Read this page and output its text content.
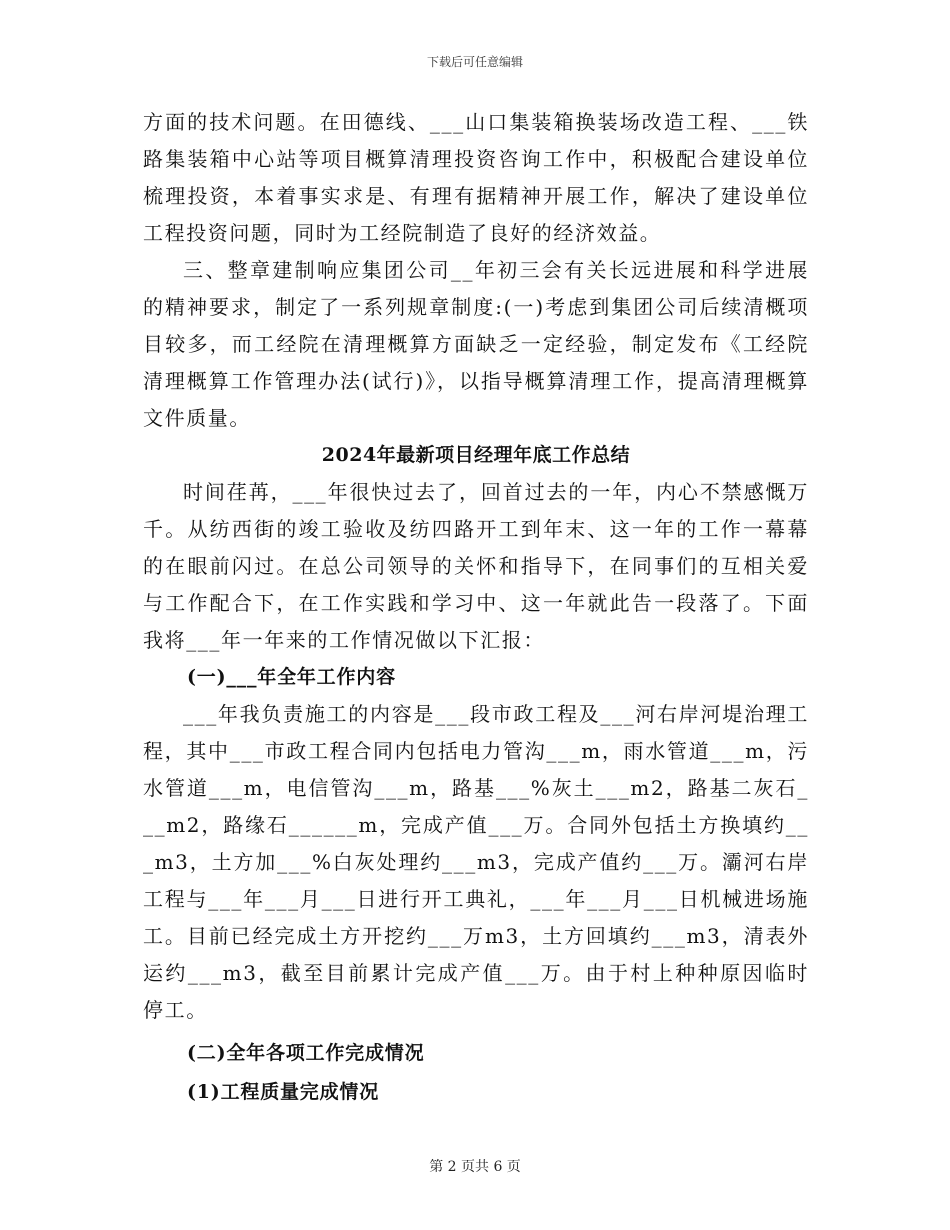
下载后可任意编辑

方面的技术问题。在田德线、___山口集装箱换装场改造工程、___铁路集装箱中心站等项目概算清理投资咨询工作中，积极配合建设单位梳理投资，本着事实求是、有理有据精神开展工作，解决了建设单位工程投资问题，同时为工经院制造了良好的经济效益。

三、整章建制响应集团公司__年初三会有关长远进展和科学进展的精神要求，制定了一系列规章制度:(一)考虑到集团公司后续清概项目较多，而工经院在清理概算方面缺乏一定经验，制定发布《工经院清理概算工作管理办法(试行)》，以指导概算清理工作，提高清理概算文件质量。

2024年最新项目经理年底工作总结

时间荏苒，___年很快过去了，回首过去的一年，内心不禁感慨万千。从纺西街的竣工验收及纺四路开工到年末、这一年的工作一幕幕的在眼前闪过。在总公司领导的关怀和指导下，在同事们的互相关爱与工作配合下，在工作实践和学习中、这一年就此告一段落了。下面我将___年一年来的工作情况做以下汇报：

(一)___年全年工作内容

___年我负责施工的内容是___段市政工程及___河右岸河堤治理工程，其中___市政工程合同内包括电力管沟___m，雨水管道___m，污水管道___m，电信管沟___m，路基___%灰土___m2，路基二灰石___m2，路缘石______m，完成产值___万。合同外包括土方换填约___m3，土方加___%白灰处理约___m3，完成产值约___万。灞河右岸工程与___年___月___日进行开工典礼，___年___月___日机械进场施工。目前已经完成土方开挖约___万m3，土方回填约___m3，清表外运约___m3，截至目前累计完成产值___万。由于村上种种原因临时停工。

(二)全年各项工作完成情况
(1)工程质量完成情况
第 2 页共 6 页
